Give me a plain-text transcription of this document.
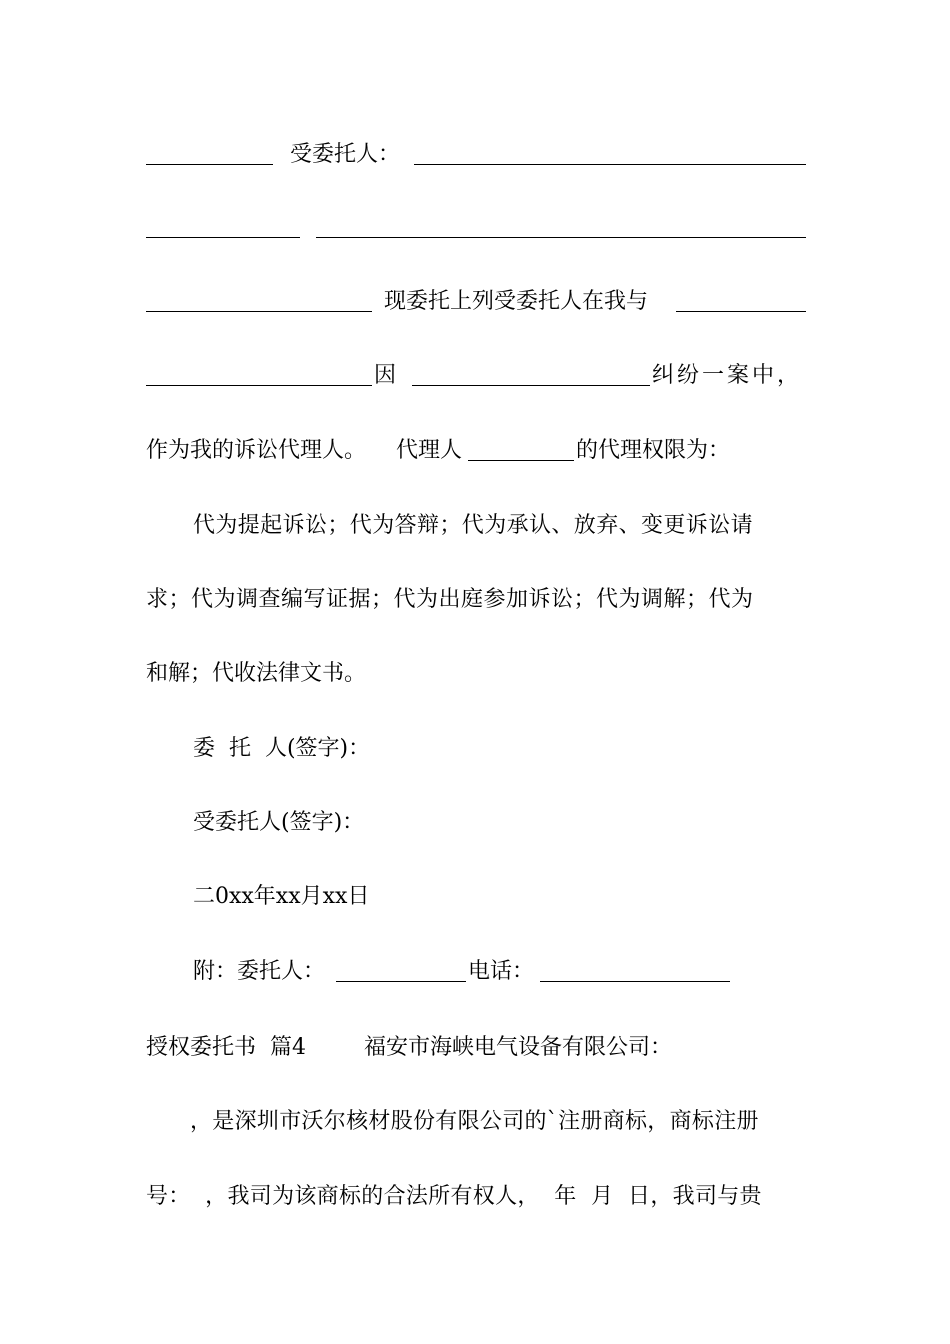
受委托人：
现委托上列受委托人在我与
因	纠纷一案中，
作为我的诉讼代理人。 代理人	的代理权限为：
代为提起诉讼；代为答辩；代为承认、放弃、变更诉讼请
求；代为调查编写证据；代为出庭参加诉讼；代为调解；代为
和解；代收法律文书。
委  托  人(签字)：
受委托人(签字)：
二0xx年xx月xx日
附：委托人：	电话：
授权委托书  篇4	福安市海峡电气设备有限公司：
，是深圳市沃尔核材股份有限公司的`注册商标，商标注册
号：  ，我司为该商标的合法所有权人，  年  月  日，我司与贵
